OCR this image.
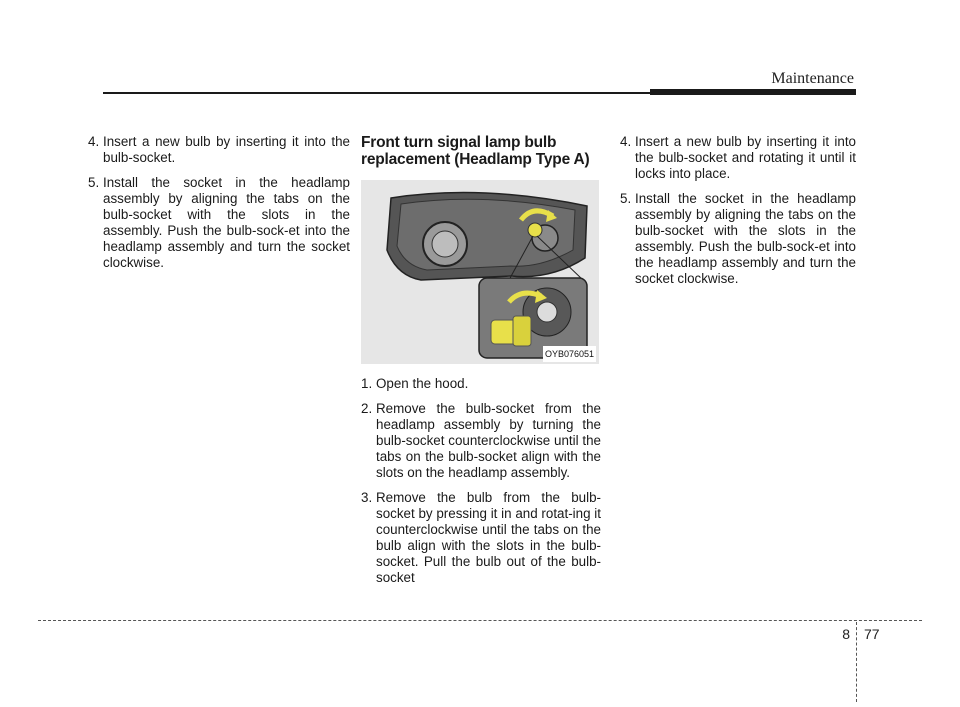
Maintenance
4. Insert a new bulb by inserting it into the bulb-socket.
5. Install the socket in the headlamp assembly by aligning the tabs on the bulb-socket with the slots in the assembly. Push the bulb-sock-et into the headlamp assembly and turn the socket clockwise.
Front turn signal lamp bulb replacement (Headlamp Type A)
OYB076051
1. Open the hood.
2. Remove the bulb-socket from the headlamp assembly by turning the bulb-socket counterclockwise until the tabs on the bulb-socket align with the slots on the headlamp assembly.
3. Remove the bulb from the bulb-socket by pressing it in and rotat-ing it counterclockwise until the tabs on the bulb align with the slots in the bulb-socket. Pull the bulb out of the bulb-socket
4. Insert a new bulb by inserting it into the bulb-socket and rotating it until it locks into place.
5. Install the socket in the headlamp assembly by aligning the tabs on the bulb-socket with the slots in the assembly. Push the bulb-sock-et into the headlamp assembly and turn the socket clockwise.
8 77
